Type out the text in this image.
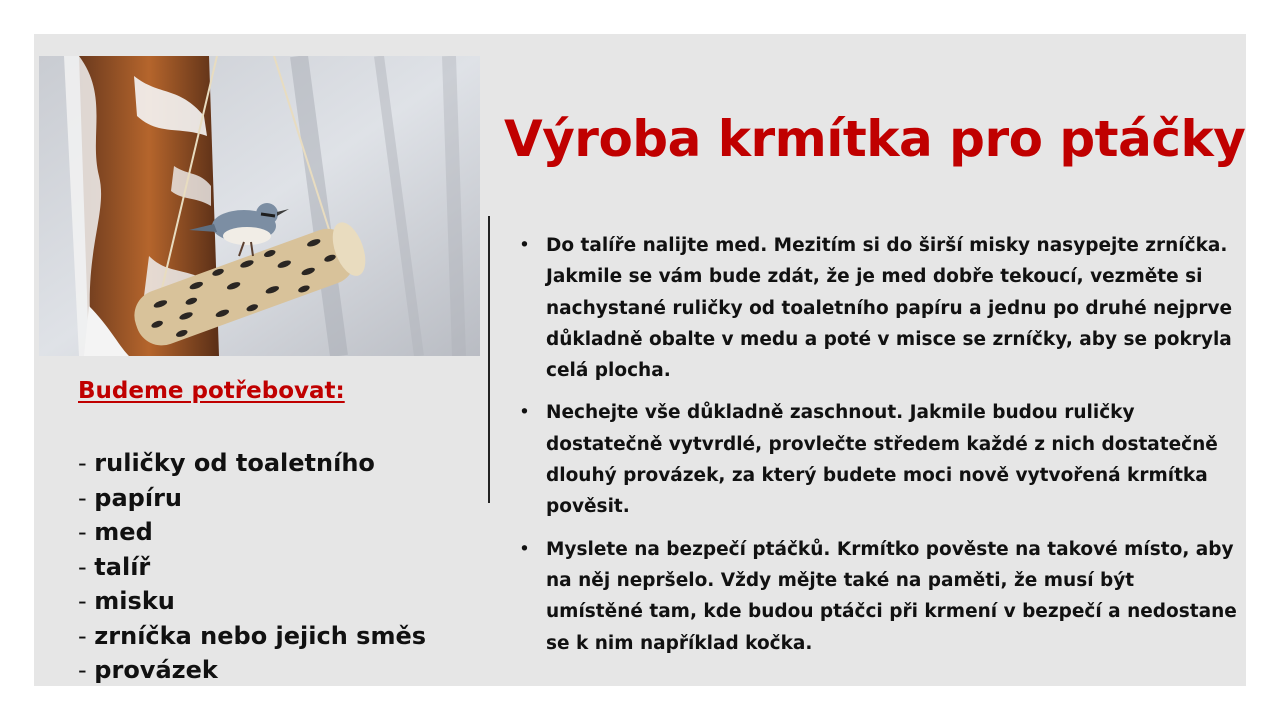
Výroba krmítka pro ptáčky
Budeme potřebovat:
- ruličky od toaletního
- papíru
- med
- talíř
- misku
- zrníčka nebo jejich směs
- provázek
• Do talíře nalijte med. Mezitím si do širší misky nasypejte zrníčka. Jakmile se vám bude zdát, že je med dobře tekoucí, vezměte si nachystané ruličky od toaletního papíru a jednu po druhé nejprve důkladně obalte v medu a poté v misce se zrníčky, aby se pokryla celá plocha.
• Nechejte vše důkladně zaschnout. Jakmile budou ruličky dostatečně vytvrdlé, provlečte středem každé z nich dostatečně dlouhý provázek, za který budete moci nově vytvořená krmítka pověsit.
• Myslete na bezpečí ptáčků. Krmítko pověste na takové místo, aby na něj nepršelo. Vždy mějte také na paměti, že musí být umístěné tam, kde budou ptáčci při krmení v bezpečí a nedostane se k nim například kočka.
